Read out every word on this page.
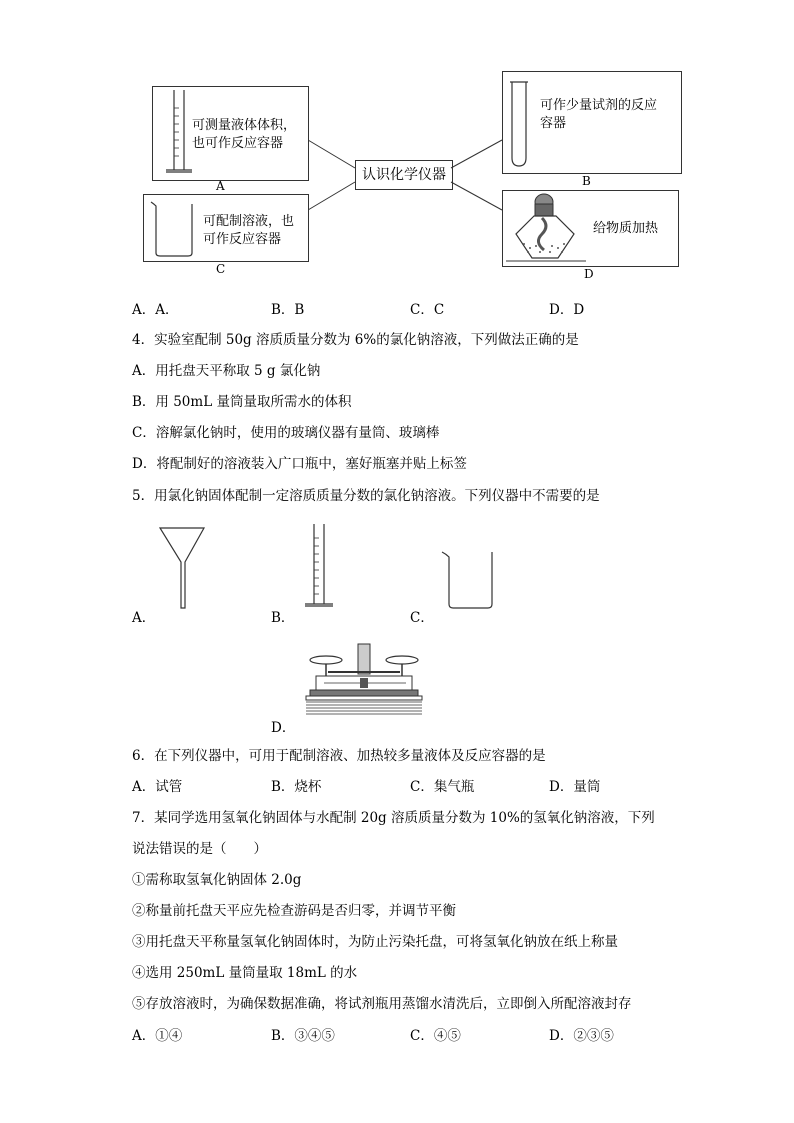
可测量液体体积，
也可作反应容器
A
可配制溶液，也
可作反应容器
C
认识化学仪器
可作少量试剂的反应
容器
B
给物质加热
D
A．A．	B．B	C．C	D．D
4．实验室配制 50g 溶质质量分数为 6%的氯化钠溶液，下列做法正确的是
A．用托盘天平称取 5 g 氯化钠
B．用 50mL 量筒量取所需水的体积
C．溶解氯化钠时，使用的玻璃仪器有量筒、玻璃棒
D．将配制好的溶液装入广口瓶中，塞好瓶塞并贴上标签
5．用氯化钠固体配制一定溶质质量分数的氯化钠溶液。下列仪器中不需要的是
A．	B．	C．
D．
6．在下列仪器中，可用于配制溶液、加热较多量液体及反应容器的是
A．试管	B．烧杯	C．集气瓶	D．量筒
7．某同学选用氢氧化钠固体与水配制 20g 溶质质量分数为 10%的氢氧化钠溶液，下列
说法错误的是（　　）
①需称取氢氧化钠固体 2.0g
②称量前托盘天平应先检查游码是否归零，并调节平衡
③用托盘天平称量氢氧化钠固体时，为防止污染托盘，可将氢氧化钠放在纸上称量
④选用 250mL 量筒量取 18mL 的水
⑤存放溶液时，为确保数据准确，将试剂瓶用蒸馏水清洗后，立即倒入所配溶液封存
A．①④	B．③④⑤	C．④⑤	D．②③⑤
